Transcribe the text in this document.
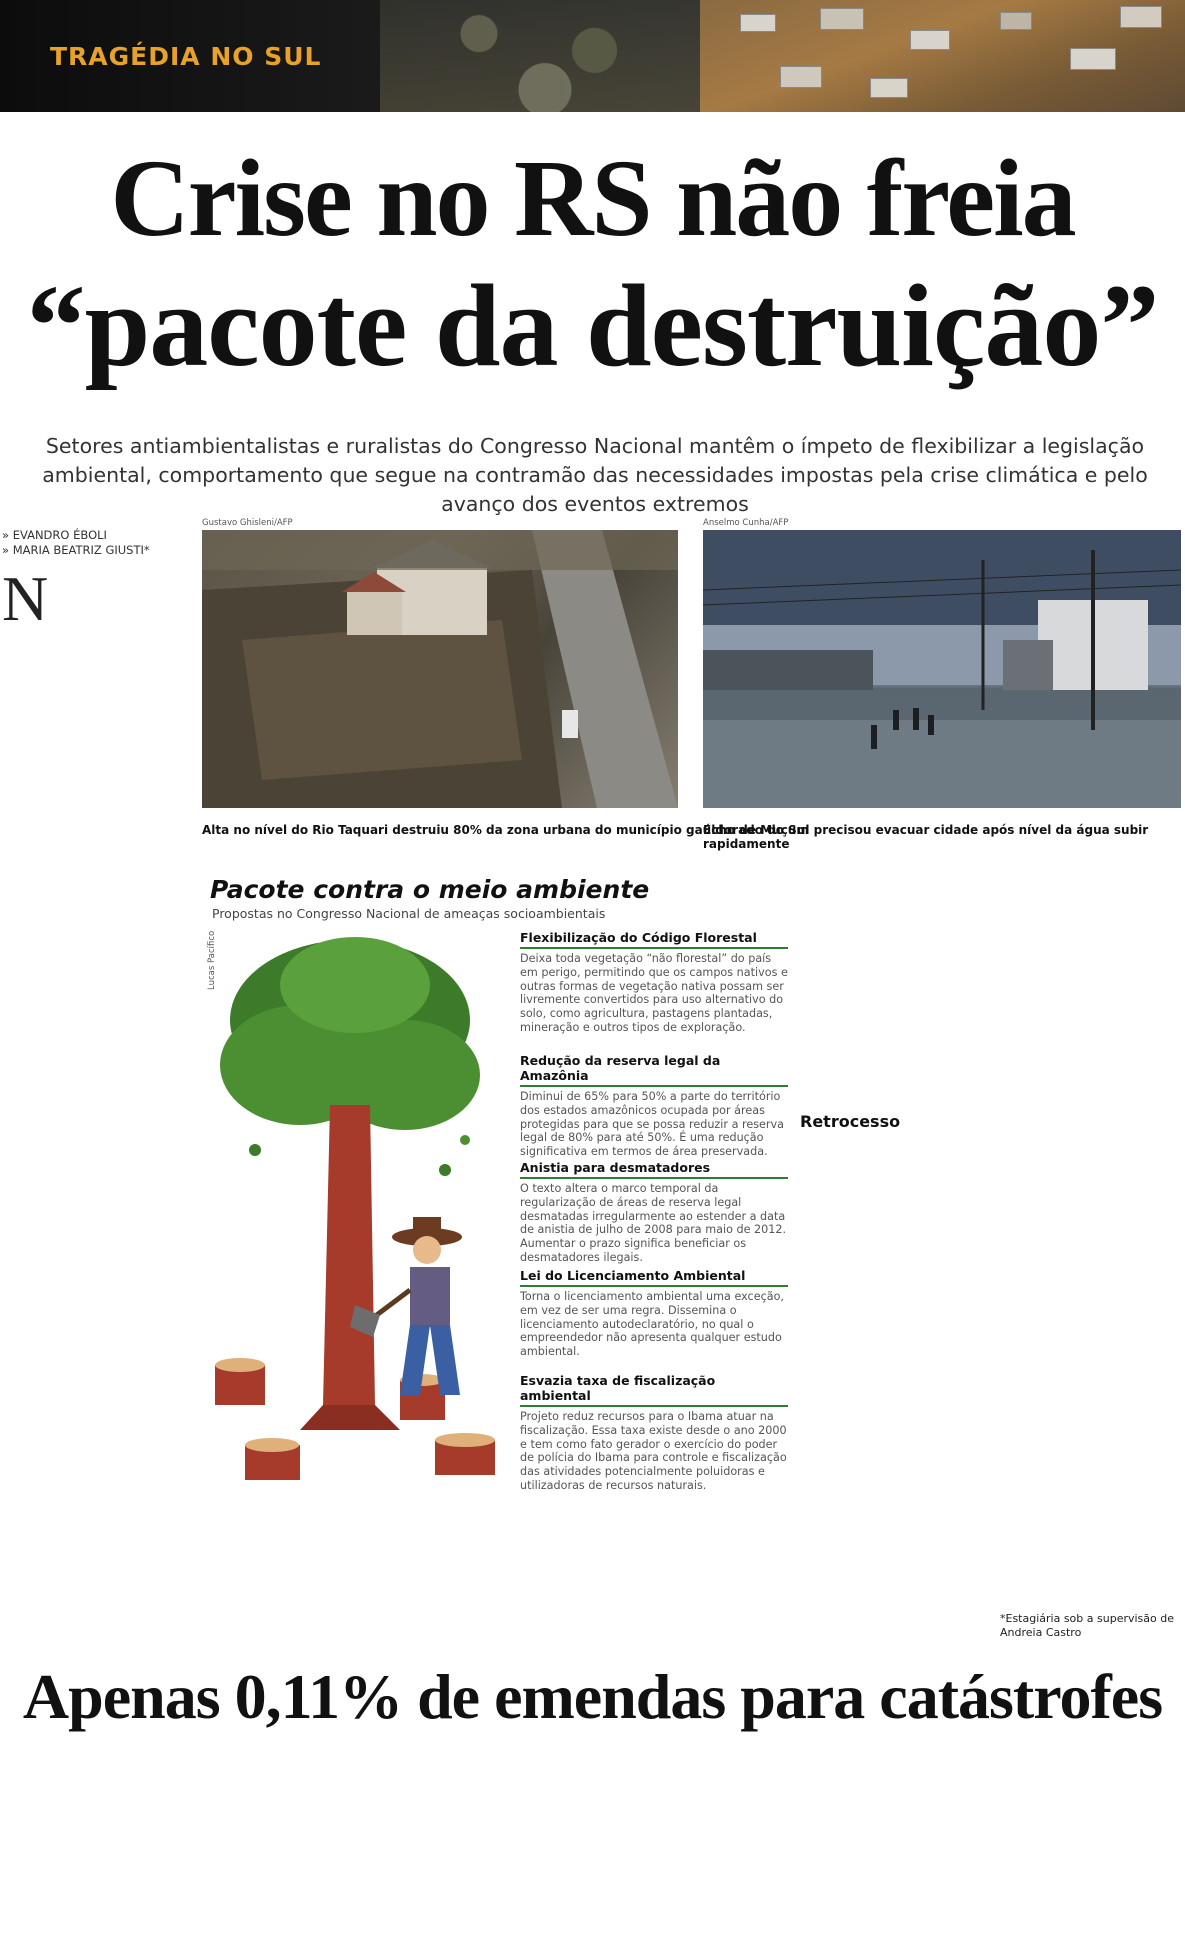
TRAGÉDIA NO SUL
Crise no RS não freia
“pacote da destruição”

Setores antiambientalistas e ruralistas do Congresso Nacional mantêm o ímpeto de flexibilizar a legislação ambiental, comportamento que segue na contramão das necessidades impostas pela crise climática e pelo avanço dos eventos extremos

» EVANDRO ÉBOLI
» MARIA BEATRIZ GIUSTI*
N
Gustavo Ghisleni/AFP
Alta no nível do Rio Taquari destruiu 80% da zona urbana do município gaúcho de Muçum
Anselmo Cunha/AFP
Eldorado do Sul precisou evacuar cidade após nível da água subir rapidamente
Pacote contra o meio ambiente
Propostas no Congresso Nacional de ameaças socioambientais
Lucas Pacífico	Flexibilização do Código Florestal

Deixa toda vegetação “não florestal” do país em perigo, permitindo que os campos nativos e outras formas de vegetação nativa possam ser livremente convertidos para uso alternativo do solo, como agricultura, pastagens plantadas, mineração e outros tipos de exploração.

Redução da reserva legal da Amazônia

Diminui de 65% para 50% a parte do território dos estados amazônicos ocupada por áreas protegidas para que se possa reduzir a reserva legal de 80% para até 50%. É uma redução significativa em termos de área preservada.

Anistia para desmatadores

O texto altera o marco temporal da regularização de áreas de reserva legal desmatadas irregularmente ao estender a data de anistia de julho de 2008 para maio de 2012. Aumentar o prazo significa beneficiar os desmatadores ilegais.

Lei do Licenciamento Ambiental

Torna o licenciamento ambiental uma exceção, em vez de ser uma regra. Dissemina o licenciamento autodeclaratório, no qual o empreendedor não apresenta qualquer estudo ambiental.

Esvazia taxa de fiscalização ambiental

Projeto reduz recursos para o Ibama atuar na fiscalização. Essa taxa existe desde o ano 2000 e tem como fato gerador o exercício do poder de polícia do Ibama para controle e fiscalização das atividades potencialmente poluidoras e utilizadoras de recursos naturais.

Retrocesso
*Estagiária sob a supervisão de Andreia Castro
Apenas 0,11% de emendas para catástrofes
